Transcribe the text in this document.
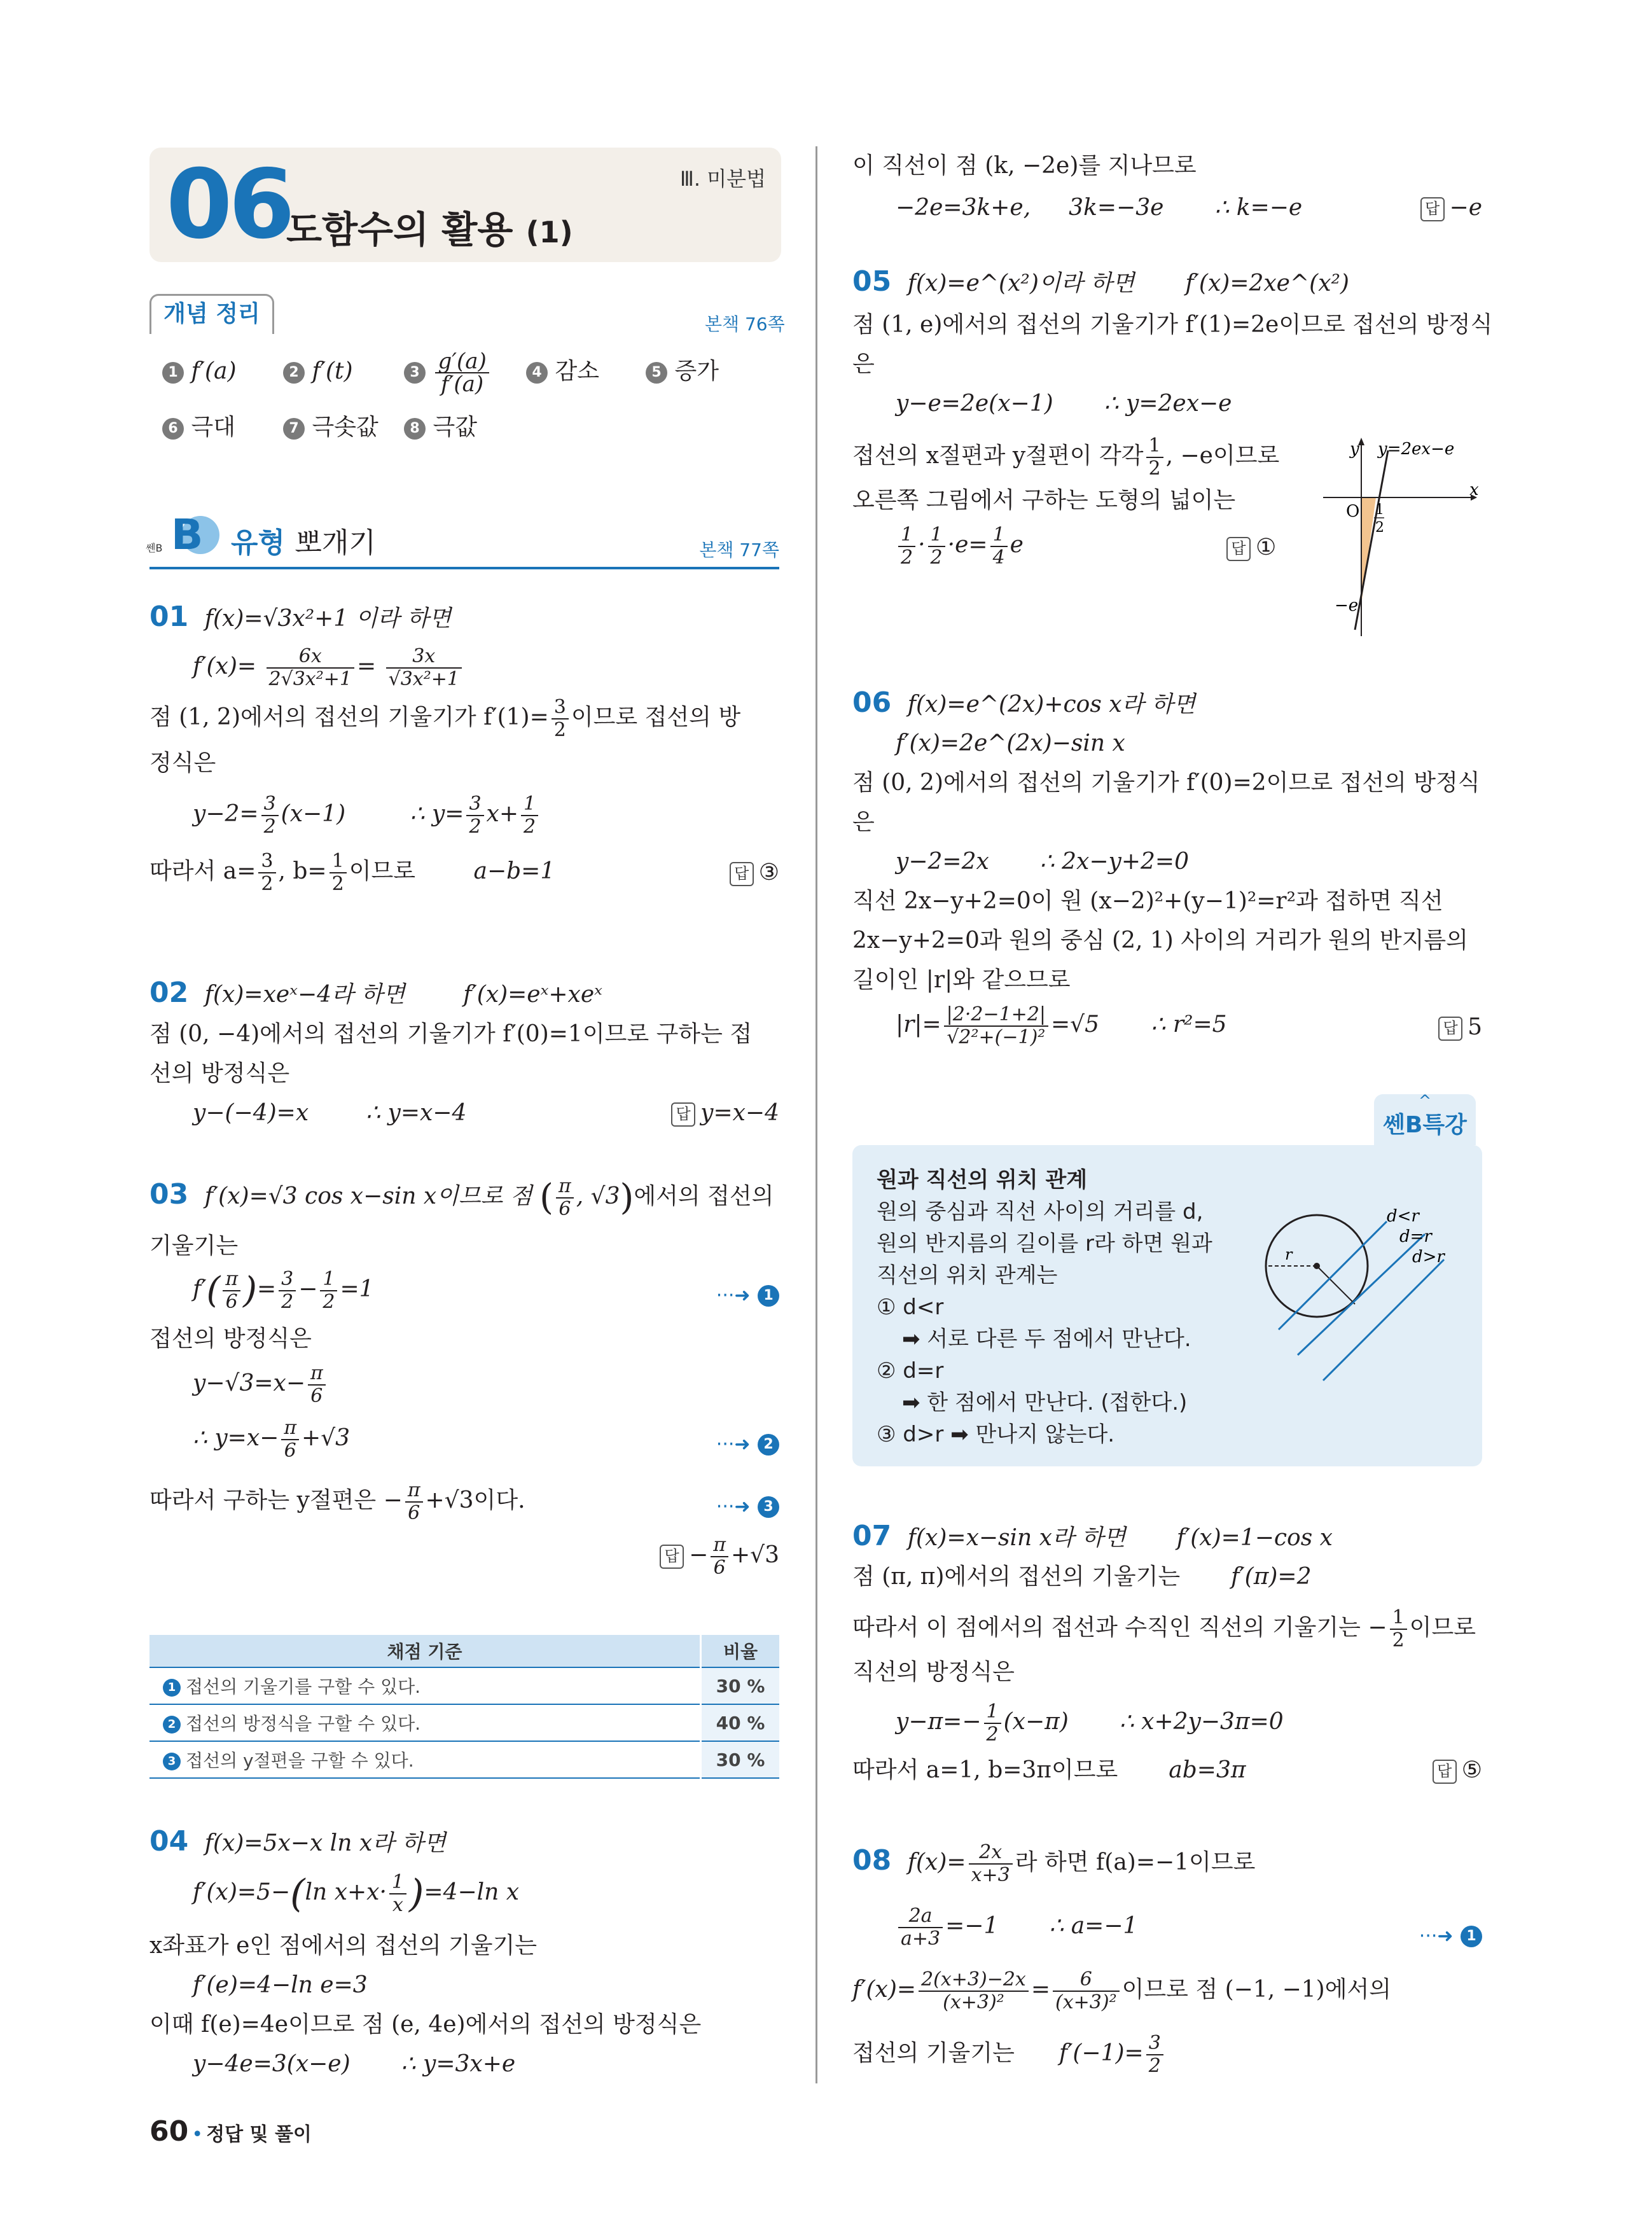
06
도함수의 활용 (1)
Ⅲ. 미분법
개념 정리	본책 76쪽
1 f′(a)	2 f′(t)	$3 \frac{g'(a)}{f'(a)}$	4 감소	5 증가
6 극대	7 극솟값	8 극값
B
쎈B 유형 뽀개기	본책 77쪽
01 f(x)=√3x²+1 이라 하면
$f'(x)= \frac{6x}{\text{2√3x²+1}} = \frac{3x}{\text{√3x²+1}}$
점 (1, 2)에서의 접선의 기울기가 $f'(1)= \frac{3}{2}$ 이므로 접선의 방
정식은
$y-2= \frac{3}{2} (x-1)$	∴ $y= \frac{3}{2} x+ \frac{1}{2}$
따라서 $a= \frac{3}{2}$ , $b= \frac{1}{2}$ 이므로	a−b=1	답 ③
02 f(x)=xeˣ−4라 하면	f′(x)=eˣ+xeˣ
점 (0, −4)에서의 접선의 기울기가 f′(0)=1이므로 구하는 접
선의 방정식은
y−(−4)=x	∴ y=x−4	답 y=x−4
03 f′(x)=√3 cos x−sin x이므로 점 ( $\frac{\pi}{6}$ , √3)에서의 접선의
기울기는
$f'( \frac{\pi}{6}$ )= $\frac{3}{2} - \frac{1}{2} =1$	···➜ 1
접선의 방정식은
$y-√3=x- \frac{\pi}{6}$
∴ $y=x- \frac{\pi}{6} +√3$	···➜ 2
따라서 구하는 y절편은 − $\frac{\pi}{6} +√3$이다.	···➜ 3
답 − $\frac{\pi}{6} +√3$
채점 기준	비율
1 접선의 기울기를 구할 수 있다.	30 %
2 접선의 방정식을 구할 수 있다.	40 %
3 접선의 y절편을 구할 수 있다.	30 %
04 f(x)=5x−x ln x라 하면
f′(x)=5−(ln $x+x\cdot \frac{1}{x} )=4-\ln$ x
x좌표가 e인 점에서의 접선의 기울기는
f′(e)=4−ln e=3
이때 f(e)=4e이므로 점 (e, 4e)에서의 접선의 방정식은
y−4e=3(x−e) ∴ y=3x+e
60 • 정답 및 풀이
이 직선이 점 (k, −2e)를 지나므로
−2e=3k+e, 3k=−3e ∴ k=−e	답 −e
05 f(x)=e^(x²)이라 하면 f′(x)=2xe^(x²)
점 (1, e)에서의 접선의 기울기가 f′(1)=2e이므로 접선의 방정식
은
y−e=2e(x−1) ∴ y=2ex−e
접선의 x절편과 y절편이 각각 $\frac{1}{2}$ , −e이므로
오른쪽 그림에서 구하는 도형의 넓이는
$\frac{1}{2} \cdot \frac{1}{2} \cdot e= \frac{1}{4}$ e	답 ①
y y=2ex−e
x
O 1
2
−e
06 f(x)=e^(2x)+cos x라 하면
f′(x)=2e^(2x)−sin x
점 (0, 2)에서의 접선의 기울기가 f′(0)=2이므로 접선의 방정식
은
y−2=2x ∴ 2x−y+2=0
직선 2x−y+2=0이 원 (x−2)²+(y−1)²=r²과 접하면 직선
2x−y+2=0과 원의 중심 (2, 1) 사이의 거리가 원의 반지름의
길이인 |r|와 같으므로
$|r|= \frac{|2\cdot 2-1+2|}{\text{√2²+(−1)²}} =√5$ ∴ r²=5	답 5
^
쎈B특강
원과 직선의 위치 관계
원의 중심과 직선 사이의 거리를 d,
원의 반지름의 길이를 r라 하면 원과
직선의 위치 관계는
① d<r
➡ 서로 다른 두 점에서 만난다.
② d=r
➡ 한 점에서 만난다. (접한다.)
③ d>r ➡ 만나지 않는다.
r
d<r
d=r
d>r
07 f(x)=x−sin x라 하면 f′(x)=1−cos x
점 (π, π)에서의 접선의 기울기는 f′(π)=2
따라서 이 점에서의 접선과 수직인 직선의 기울기는 − $\frac{1}{2}$ 이므로
직선의 방정식은
$y-\pi=- \frac{1}{2} (x-\pi)$ ∴ x+2y−3π=0
따라서 a=1, b=3π이므로 ab=3π	답 ⑤
08 $f(x)= \frac{2x}{x+3}$ 라 하면 f(a)=−1이므로
$\frac{2a}{a+3} =-1$ ∴ a=−1	···➜ 1
$f'(x)= \frac{2(x+3)-2x}{\text{(x+3)²}} = \frac{6}{\text{(x+3)²}}$ 이므로 점 (−1, −1)에서의
접선의 기울기는 $f'(-1)= \frac{3}{2}$
